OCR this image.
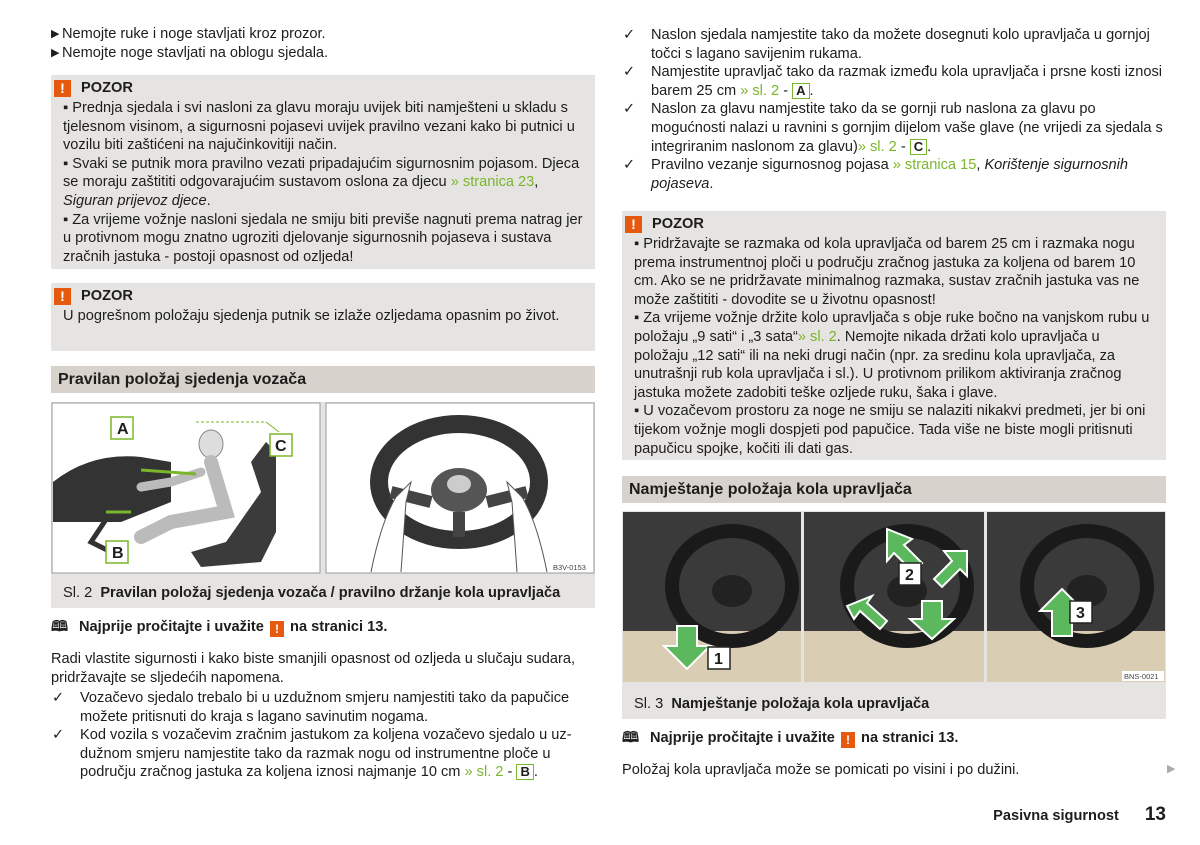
▶ Nemojte ruke i noge stavljati kroz prozor.

▶ Nemojte noge stavljati na oblogu sjedala.

!	POZOR

▪ Prednja sjedala i svi nasloni za glavu moraju uvijek biti namješteni u skladu s tjelesnom visinom, a sigurnosni pojasevi uvijek pravilno vezani kako bi putnici u vozilu biti zaštićeni na najučinkovitiji način.

▪ Svaki se putnik mora pravilno vezati pripadajućim sigurnosnim pojasom. Djeca se moraju zaštititi odgovarajućim sustavom oslona za djecu » stranica 23, Siguran prijevoz djece.

▪ Za vrijeme vožnje nasloni sjedala ne smiju biti previše nagnuti prema natrag jer u protivnom mogu znatno ugroziti djelovanje sigurnosnih pojaseva i sustava zračnih jastuka - postoji opasnost od ozljeda!

!	POZOR

U pogrešnom položaju sjedenja putnik se izlaže ozljedama opasnim po život.

Pravilan položaj sjedenja vozača
A
B
C
B3V-0153
Sl. 2 Pravilan položaj sjedenja vozača / pravilno držanje kola upravljača
🕮 Najprije pročitajte i uvažite ! na stranici 13.

Radi vlastite sigurnosti i kako biste smanjili opasnost od ozljeda u slučaju sudara, pridržavajte se sljedećih napomena.

✓ Vozačevo sjedalo trebalo bi u uzdužnom smjeru namjestiti tako da papučice možete pritisnuti do kraja s lagano savinutim nogama.

✓ Kod vozila s vozačevim zračnim jastukom za koljena vozačevo sjedalo u uzdužnom smjeru namjestite tako da razmak nogu od instrumentne ploče u području zračnog jastuka za koljena iznosi najmanje 10 cm » sl. 2 - B .

✓ Naslon sjedala namjestite tako da možete dosegnuti kolo upravljača u gornjoj točci s lagano savijenim rukama.

✓ Namjestite upravljač tako da razmak između kola upravljača i prsne kosti iznosi barem 25 cm » sl. 2 - A .

✓ Naslon za glavu namjestite tako da se gornji rub naslona za glavu po mogućnosti nalazi u ravnini s gornjim dijelom vaše glave (ne vrijedi za sjedala s integriranim naslonom za glavu)» sl. 2 - C .

✓ Pravilno vezanje sigurnosnog pojasa » stranica 15, Korištenje sigurnosnih pojaseva.

!	POZOR

▪ Pridržavajte se razmaka od kola upravljača od barem 25 cm i razmaka nogu prema instrumentnoj ploči u području zračnog jastuka za koljena od barem 10 cm. Ako se ne pridržavate minimalnog razmaka, sustav zračnih jastuka vas ne može zaštititi - dovodite se u životnu opasnost!

▪ Za vrijeme vožnje držite kolo upravljača s obje ruke bočno na vanjskom rubu u položaju „9 sati“ i „3 sata“» sl. 2. Nemojte nikada držati kolo upravljača u položaju „12 sati“ ili na neki drugi način (npr. za sredinu kola upravljača, za unutrašnji rub kola upravljača i sl.). U protivnom prilikom aktiviranja zračnog jastuka možete zadobiti teške ozljede ruku, šaka i glave.

▪ U vozačevom prostoru za noge ne smiju se nalaziti nikakvi predmeti, jer bi oni tijekom vožnje mogli dospjeti pod papučice. Tada više ne biste mogli pritisnuti papučicu spojke, kočiti ili dati gas.

Namještanje položaja kola upravljača
1
2
3
BNS-0021
Sl. 3 Namještanje položaja kola upravljača
🕮 Najprije pročitajte i uvažite ! na stranici 13.

Položaj kola upravljača može se pomicati po visini i po dužini.	▶
Pasivna sigurnost 13
